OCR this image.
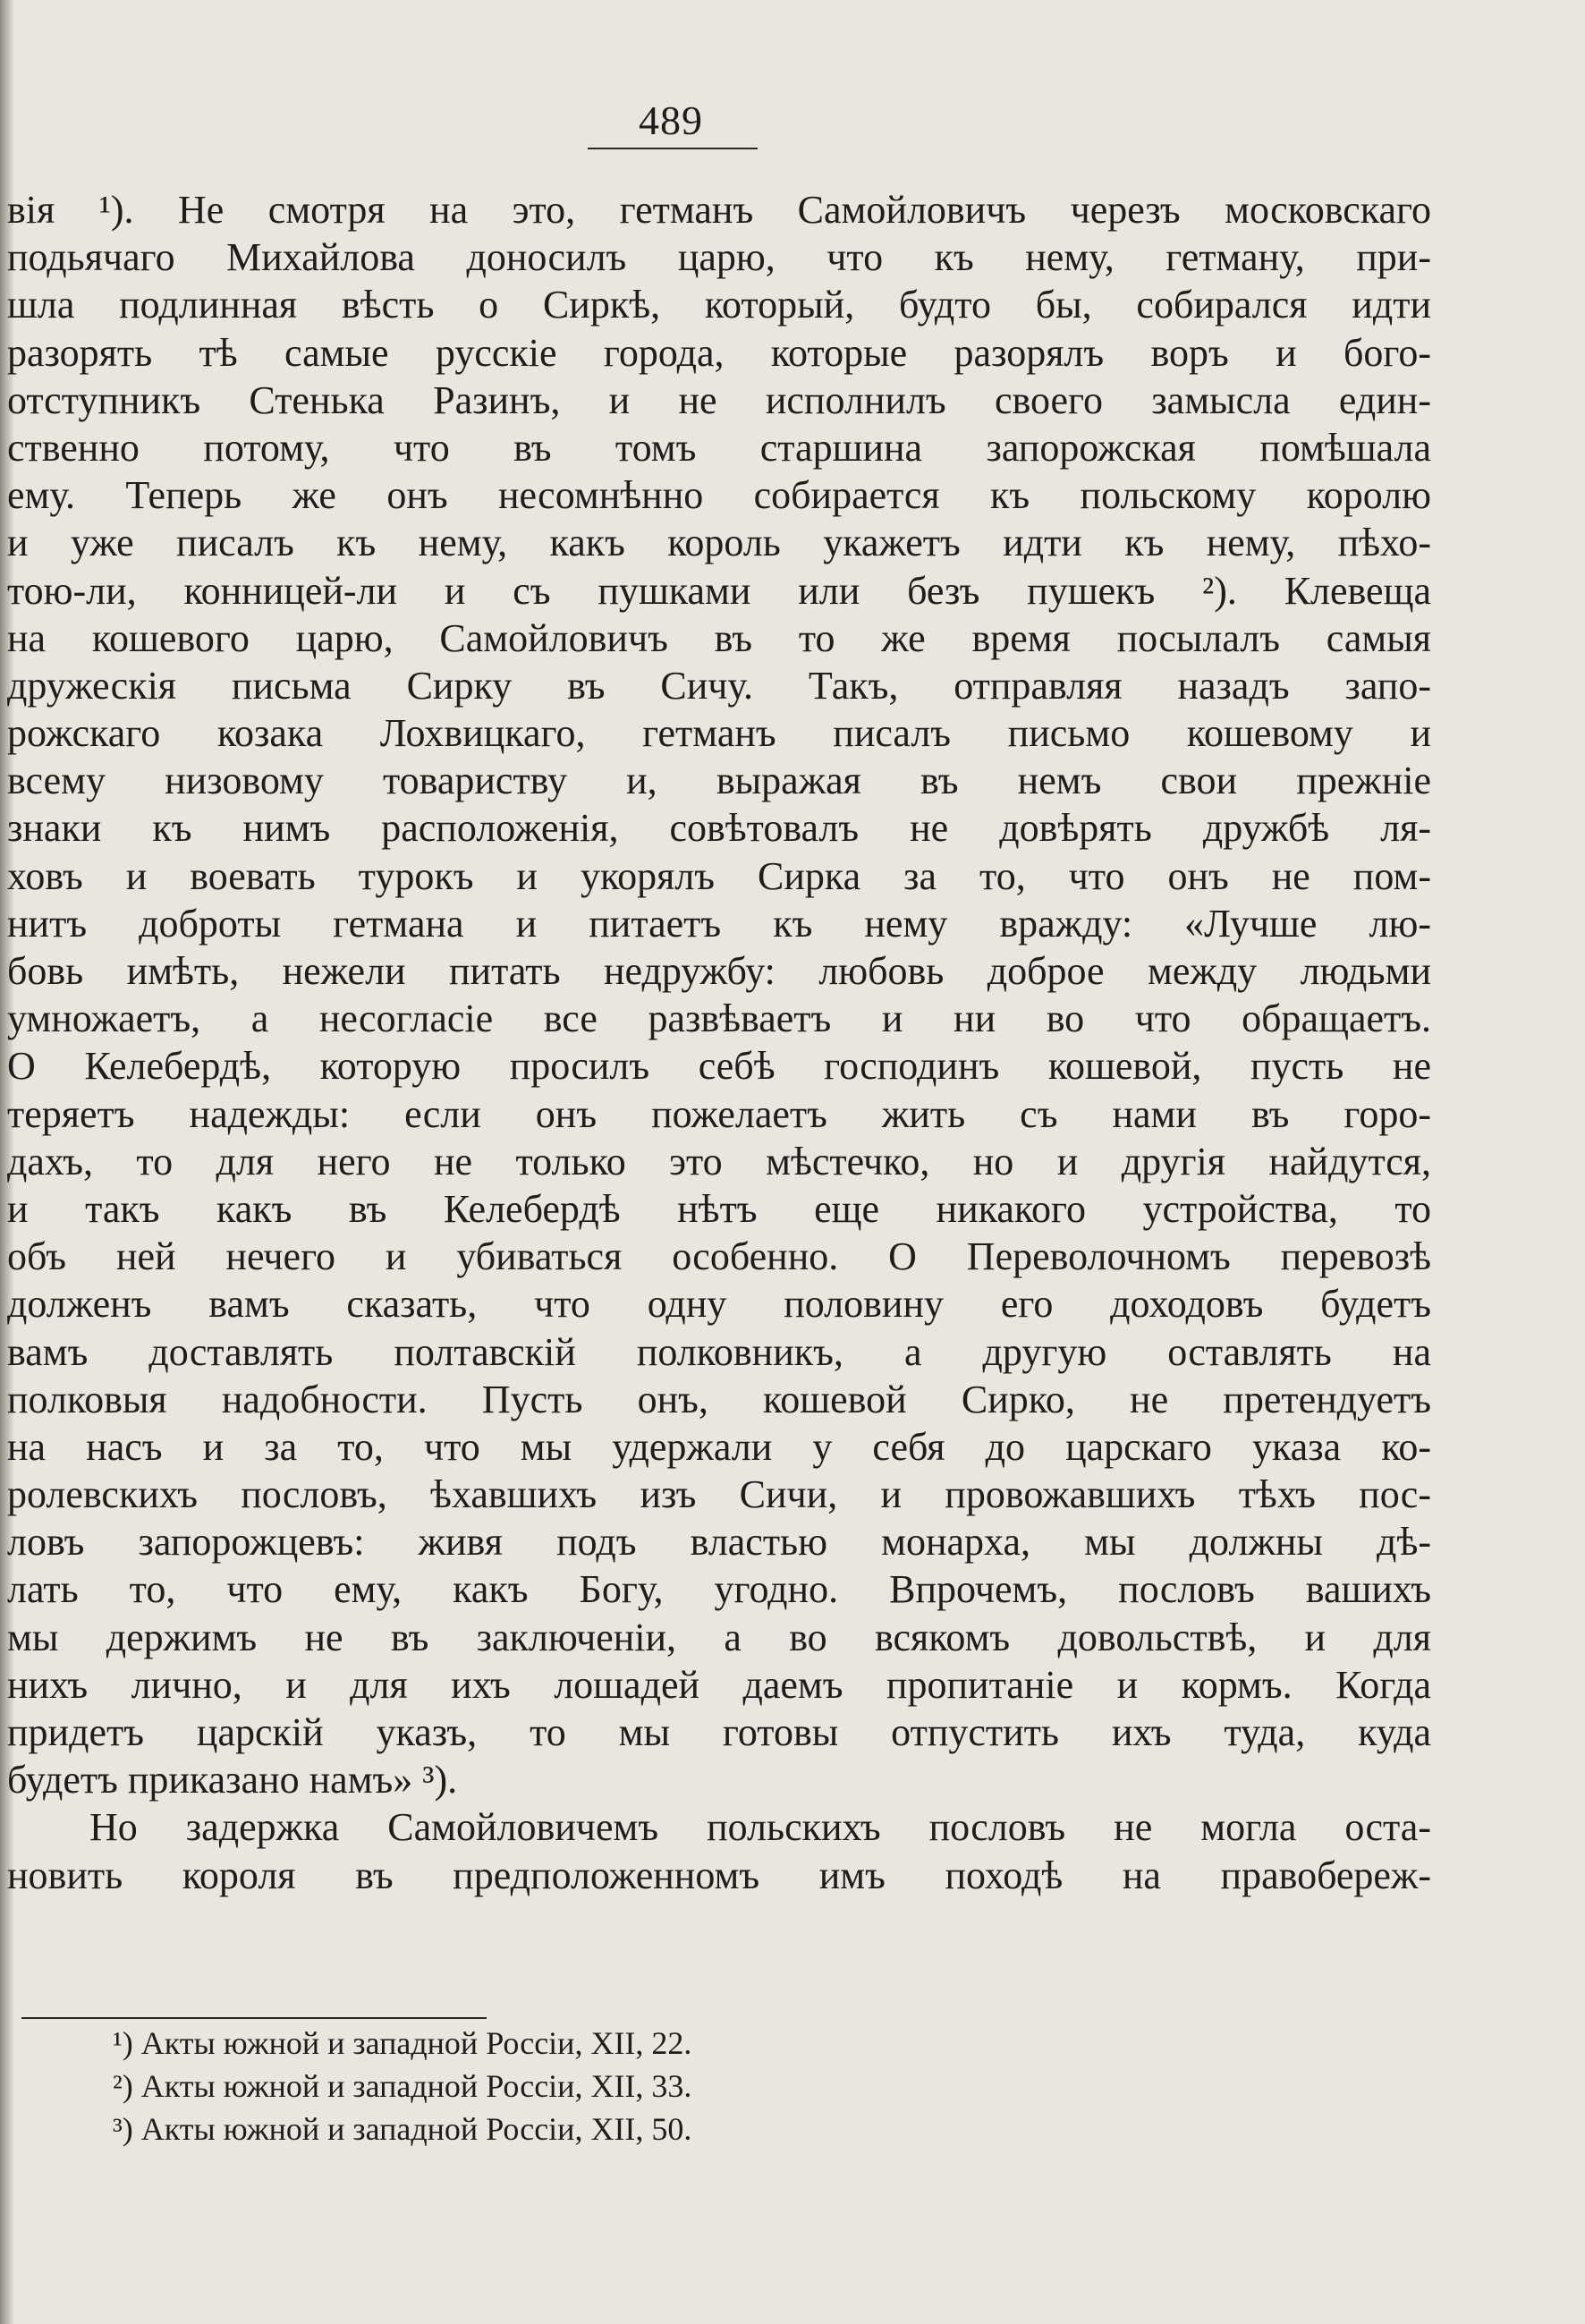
489
вія ¹). Не смотря на это, гетманъ Самойловичъ черезъ московскаго
подьячаго Михайлова доносилъ царю, что къ нему, гетману, при-
шла подлинная вѣсть о Сиркѣ, который, будто бы, собирался идти
разорять тѣ самые русскіе города, которые разорялъ воръ и бого-
отступникъ Стенька Разинъ, и не исполнилъ своего замысла един-
ственно потому, что въ томъ старшина запорожская помѣшала
ему. Теперь же онъ несомнѣнно собирается къ польскому королю
и уже писалъ къ нему, какъ король укажетъ идти къ нему, пѣхо-
тою-ли, конницей-ли и съ пушками или безъ пушекъ ²). Клевеща
на кошевого царю, Самойловичъ въ то же время посылалъ самыя
дружескія письма Сирку въ Сичу. Такъ, отправляя назадъ запо-
рожскаго козака Лохвицкаго, гетманъ писалъ письмо кошевому и
всему низовому товариству и, выражая въ немъ свои прежніе
знаки къ нимъ расположенія, совѣтовалъ не довѣрять дружбѣ ля-
ховъ и воевать турокъ и укорялъ Сирка за то, что онъ не пом-
нитъ доброты гетмана и питаетъ къ нему вражду: «Лучше лю-
бовь имѣть, нежели питать недружбу: любовь доброе между людьми
умножаетъ, а несогласіе все развѣваетъ и ни во что обращаетъ.
О Келебердѣ, которую просилъ себѣ господинъ кошевой, пусть не
теряетъ надежды: если онъ пожелаетъ жить съ нами въ горо-
дахъ, то для него не только это мѣстечко, но и другія найдутся,
и такъ какъ въ Келебердѣ нѣтъ еще никакого устройства, то
объ ней нечего и убиваться особенно. О Переволочномъ перевозѣ
долженъ вамъ сказать, что одну половину его доходовъ будетъ
вамъ доставлять полтавскій полковникъ, а другую оставлять на
полковыя надобности. Пусть онъ, кошевой Сирко, не претендуетъ
на насъ и за то, что мы удержали у себя до царскаго указа ко-
ролевскихъ пословъ, ѣхавшихъ изъ Сичи, и провожавшихъ тѣхъ пос-
ловъ запорожцевъ: живя подъ властью монарха, мы должны дѣ-
лать то, что ему, какъ Богу, угодно. Впрочемъ, пословъ вашихъ
мы держимъ не въ заключеніи, а во всякомъ довольствѣ, и для
нихъ лично, и для ихъ лошадей даемъ пропитаніе и кормъ. Когда
придетъ царскій указъ, то мы готовы отпустить ихъ туда, куда
будетъ приказано намъ» ³).
Но задержка Самойловичемъ польскихъ пословъ не могла оста-
новить короля въ предположенномъ имъ походѣ на правобереж-
¹) Акты южной и западной Россіи, XII, 22.
²) Акты южной и западной Россіи, XII, 33.
³) Акты южной и западной Россіи, XII, 50.
